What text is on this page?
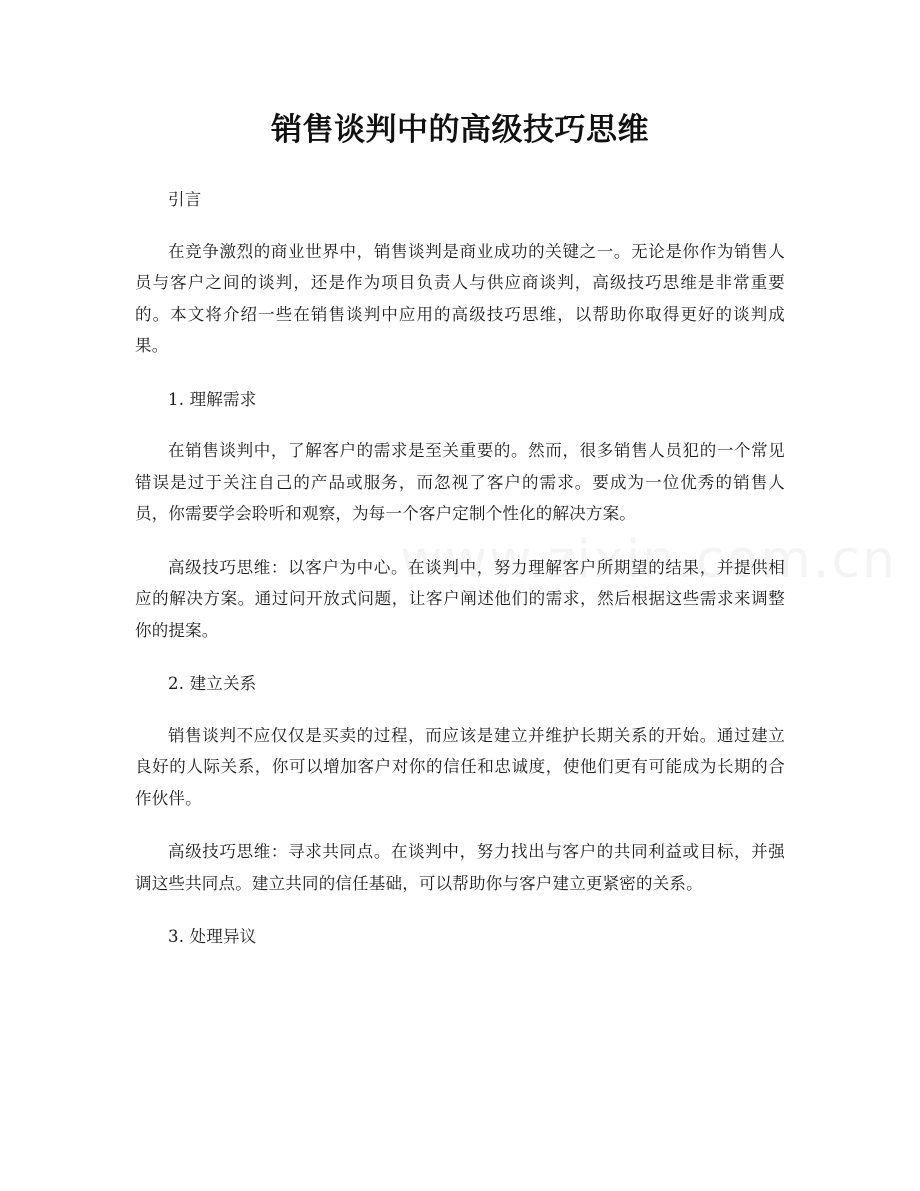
销售谈判中的高级技巧思维

引言

在竞争激烈的商业世界中，销售谈判是商业成功的关键之一。无论是你作为销售人员与客户之间的谈判，还是作为项目负责人与供应商谈判，高级技巧思维是非常重要的。本文将介绍一些在销售谈判中应用的高级技巧思维，以帮助你取得更好的谈判成果。

1. 理解需求

在销售谈判中，了解客户的需求是至关重要的。然而，很多销售人员犯的一个常见错误是过于关注自己的产品或服务，而忽视了客户的需求。要成为一位优秀的销售人员，你需要学会聆听和观察，为每一个客户定制个性化的解决方案。

高级技巧思维：以客户为中心。在谈判中，努力理解客户所期望的结果，并提供相应的解决方案。通过问开放式问题，让客户阐述他们的需求，然后根据这些需求来调整你的提案。

2. 建立关系

销售谈判不应仅仅是买卖的过程，而应该是建立并维护长期关系的开始。通过建立良好的人际关系，你可以增加客户对你的信任和忠诚度，使他们更有可能成为长期的合作伙伴。

高级技巧思维：寻求共同点。在谈判中，努力找出与客户的共同利益或目标，并强调这些共同点。建立共同的信任基础，可以帮助你与客户建立更紧密的关系。

3. 处理异议
